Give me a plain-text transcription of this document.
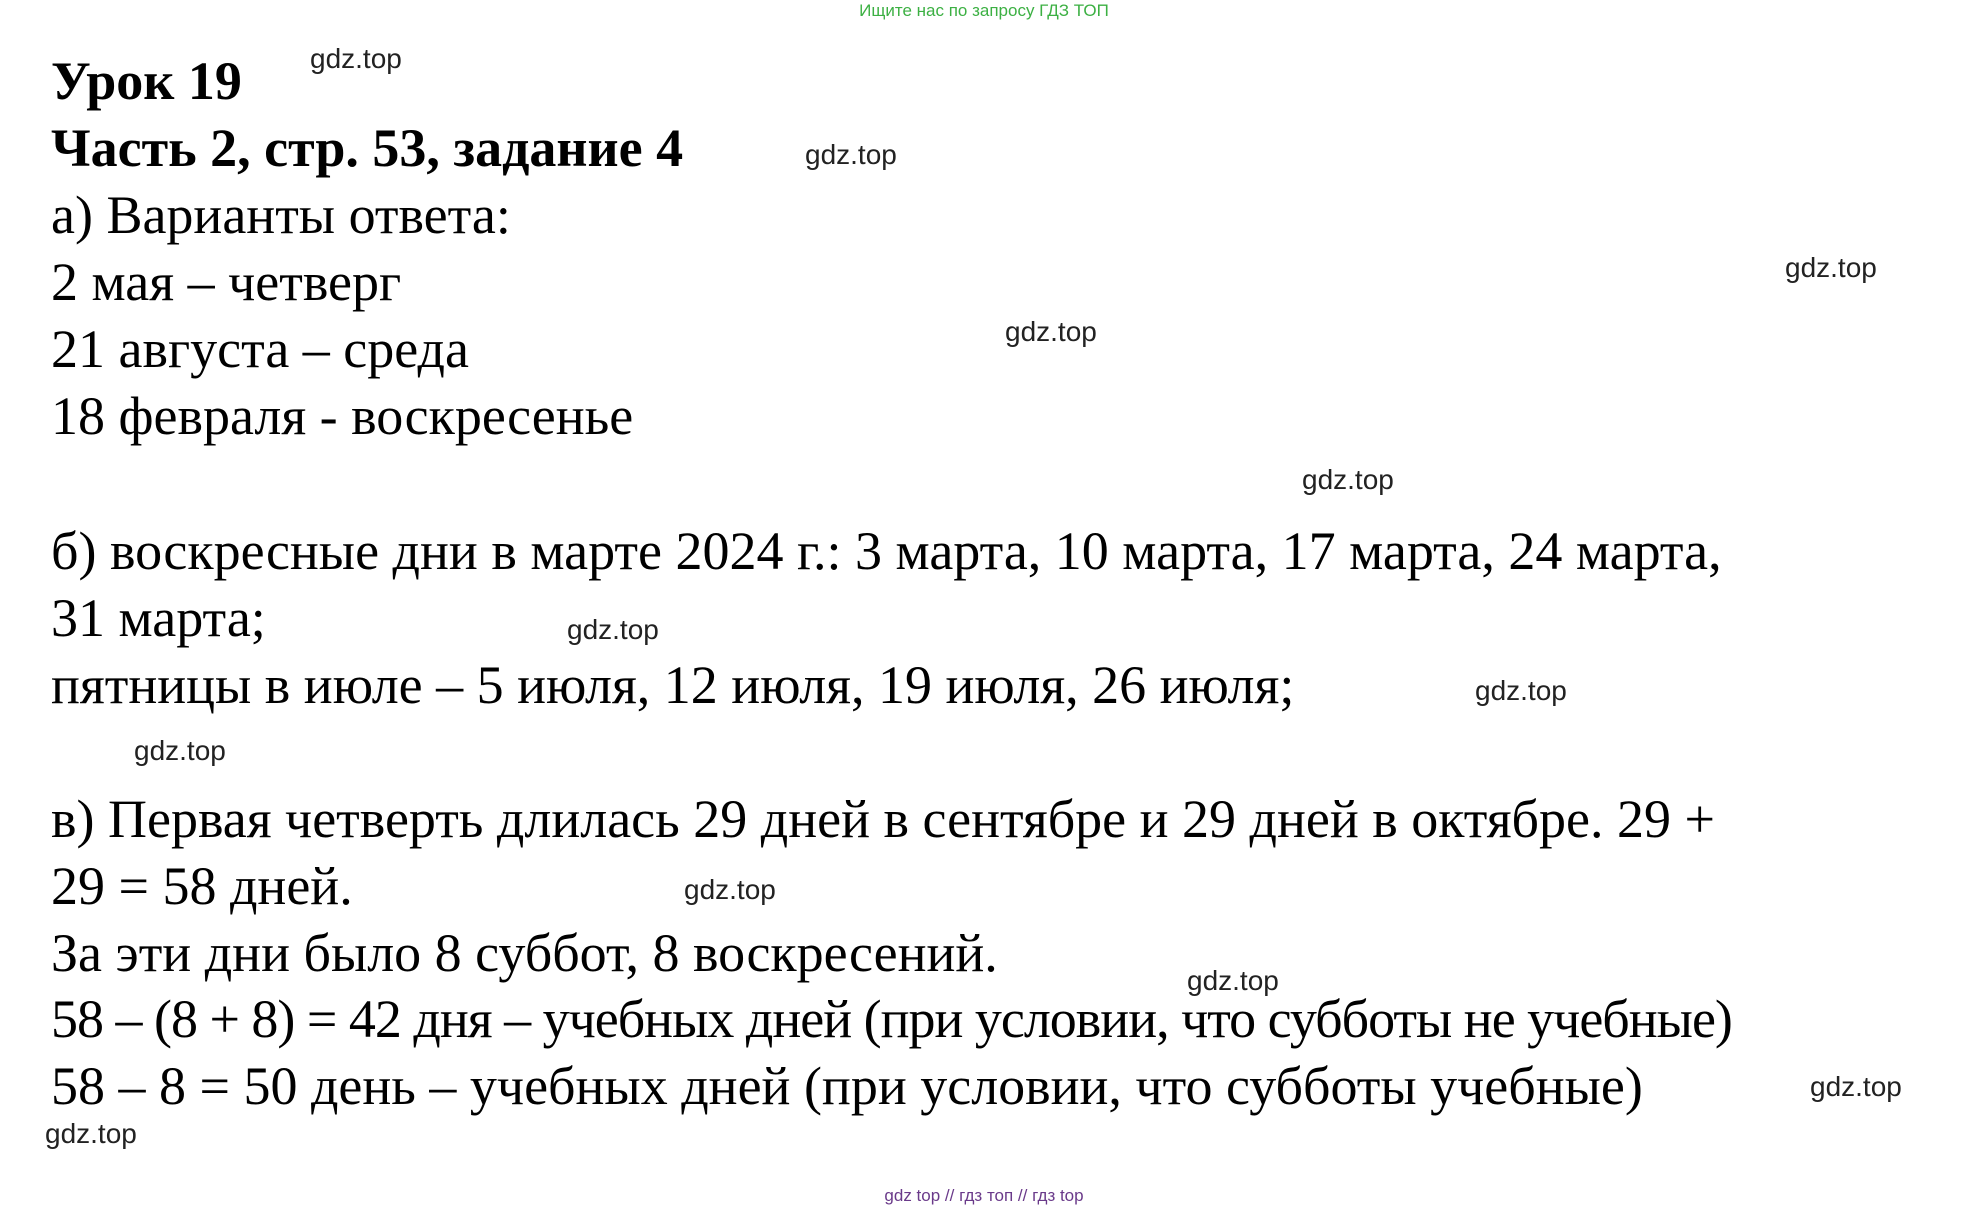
Ищите нас по запросу ГДЗ ТОП
Урок 19
Часть 2, стр. 53, задание 4
а) Варианты ответа:
2 мая – четверг
21 августа – среда
18 февраля - воскресенье
б) воскресные дни в марте 2024 г.: 3 марта, 10 марта, 17 марта, 24 марта,
31 марта;
пятницы в июле – 5 июля, 12 июля, 19 июля, 26 июля;
в) Первая четверть длилась 29 дней в сентябре и 29 дней в октябре. 29 +
29 = 58 дней.
За эти дни было 8 суббот, 8 воскресений.
58 – (8 + 8) = 42 дня – учебных дней (при условии, что субботы не учебные)
58 – 8 = 50 день – учебных дней (при условии, что субботы учебные)
gdz.top
gdz.top
gdz.top
gdz.top
gdz.top
gdz.top
gdz.top
gdz.top
gdz.top
gdz.top
gdz.top
gdz.top
gdz top // гдз топ // гдз top
